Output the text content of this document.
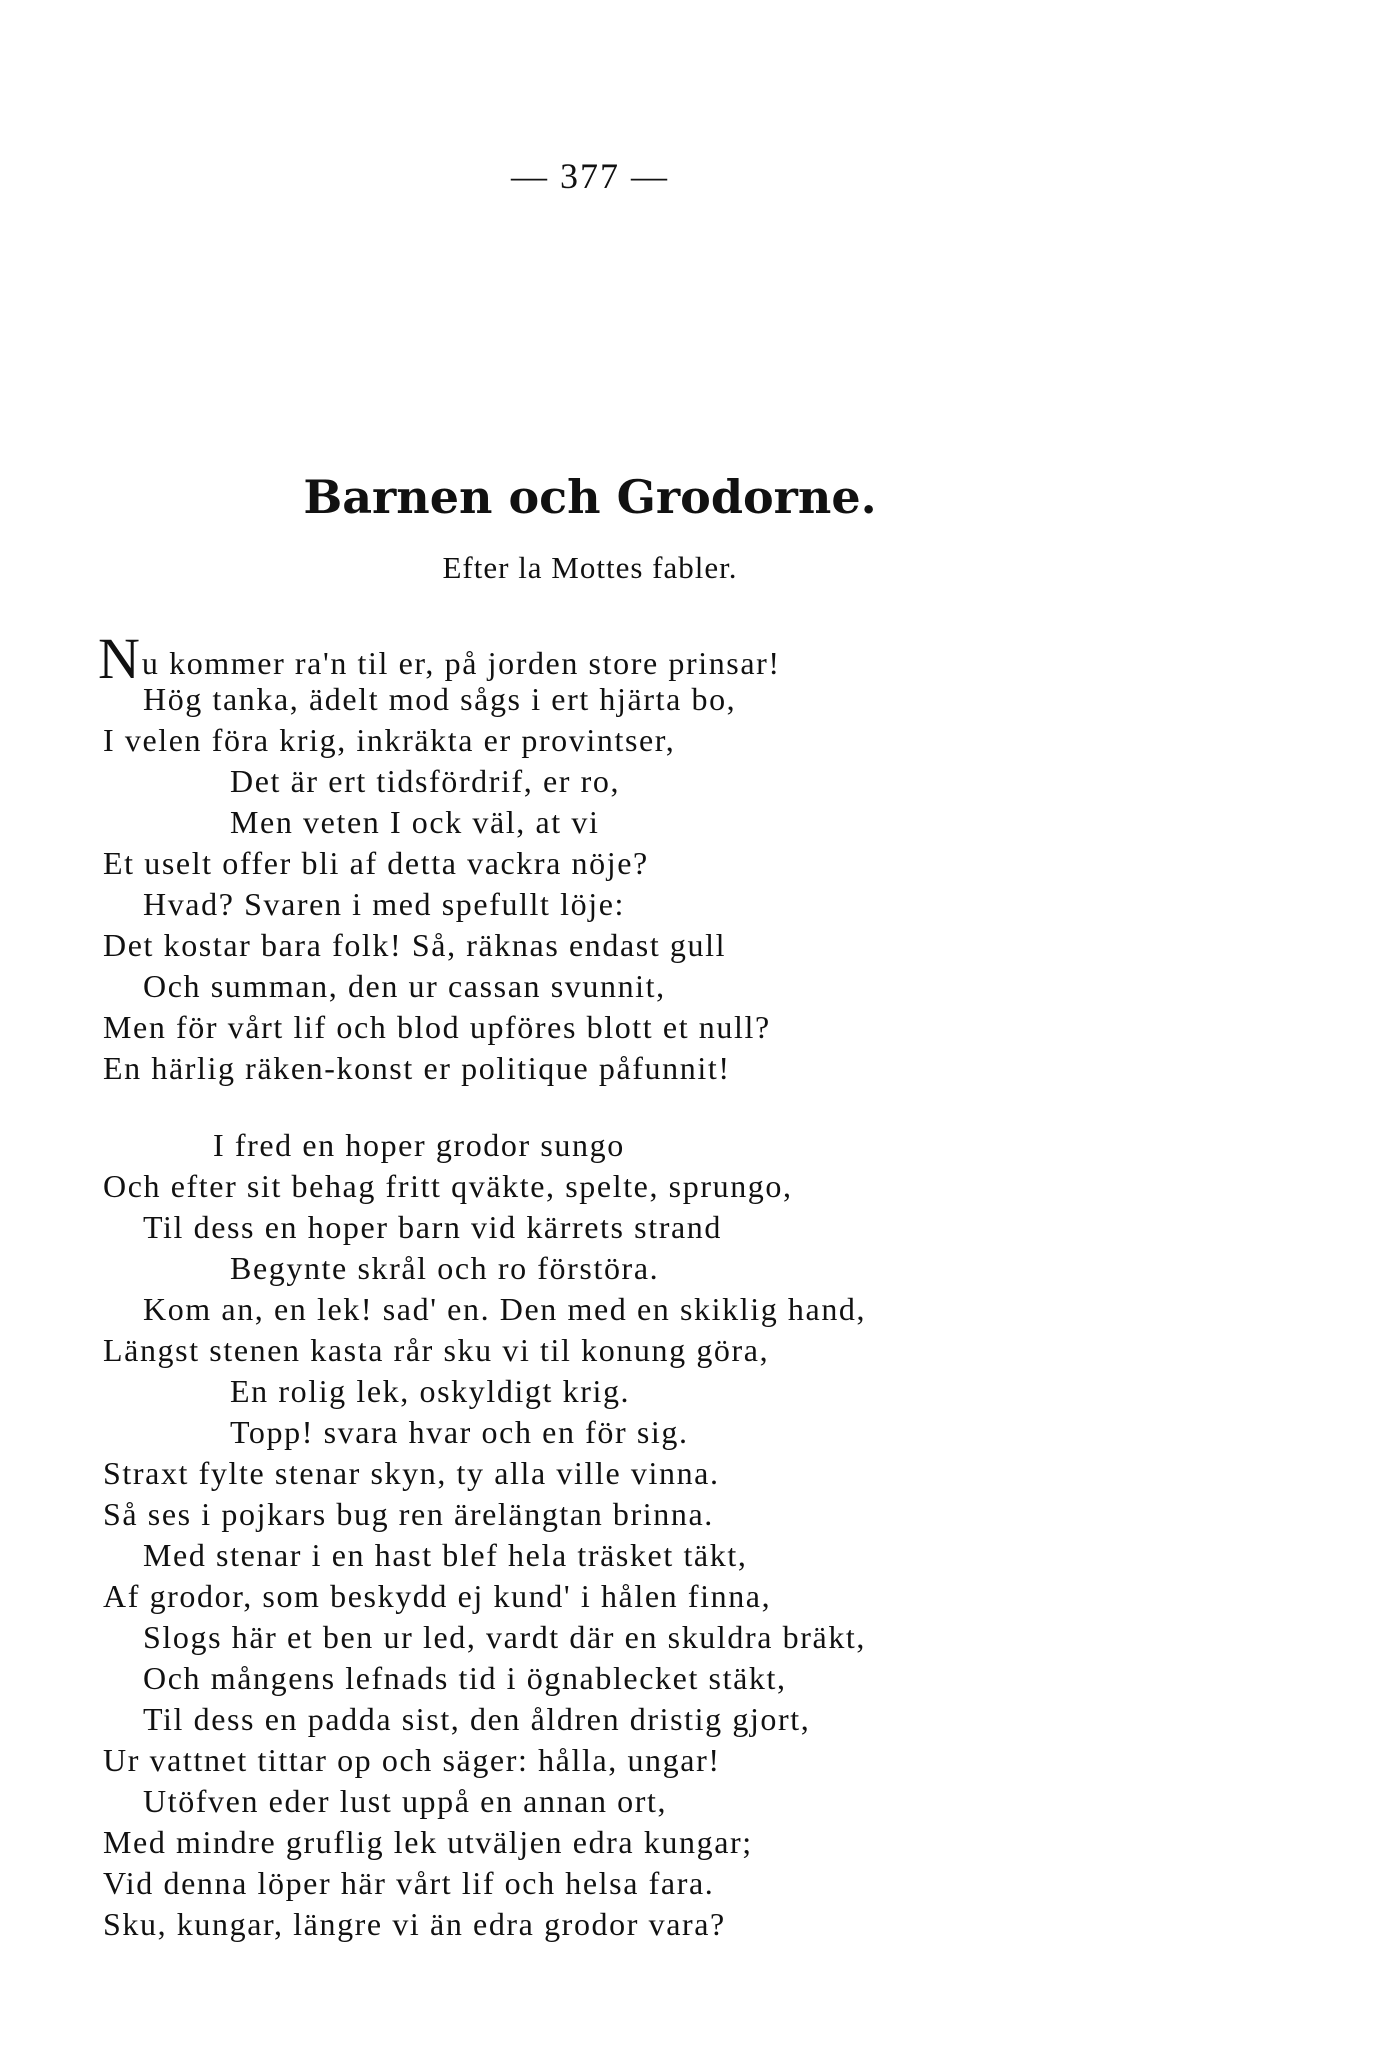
— 377 —
Barnen och Grodorne.
Efter la Mottes fabler.
Nu kommer ra'n til er, på jorden store prinsar!
Hög tanka, ädelt mod sågs i ert hjärta bo,
I velen föra krig, inkräkta er provintser,
Det är ert tidsfördrif, er ro,
Men veten I ock väl, at vi
Et uselt offer bli af detta vackra nöje?
Hvad? Svaren i med spefullt löje:
Det kostar bara folk! Så, räknas endast gull
Och summan, den ur cassan svunnit,
Men för vårt lif och blod upföres blott et null?
En härlig räken-konst er politique påfunnit!
I fred en hoper grodor sungo
Och efter sit behag fritt qväkte, spelte, sprungo,
Til dess en hoper barn vid kärrets strand
Begynte skrål och ro förstöra.
Kom an, en lek! sad' en. Den med en skiklig hand,
Längst stenen kasta rår sku vi til konung göra,
En rolig lek, oskyldigt krig.
Topp! svara hvar och en för sig.
Straxt fylte stenar skyn, ty alla ville vinna.
Så ses i pojkars bug ren ärelängtan brinna.
Med stenar i en hast blef hela träsket täkt,
Af grodor, som beskydd ej kund' i hålen finna,
Slogs här et ben ur led, vardt där en skuldra bräkt,
Och mångens lefnads tid i ögnablecket stäkt,
Til dess en padda sist, den åldren dristig gjort,
Ur vattnet tittar op och säger: hålla, ungar!
Utöfven eder lust uppå en annan ort,
Med mindre gruflig lek utväljen edra kungar;
Vid denna löper här vårt lif och helsa fara.
Sku, kungar, längre vi än edra grodor vara?
